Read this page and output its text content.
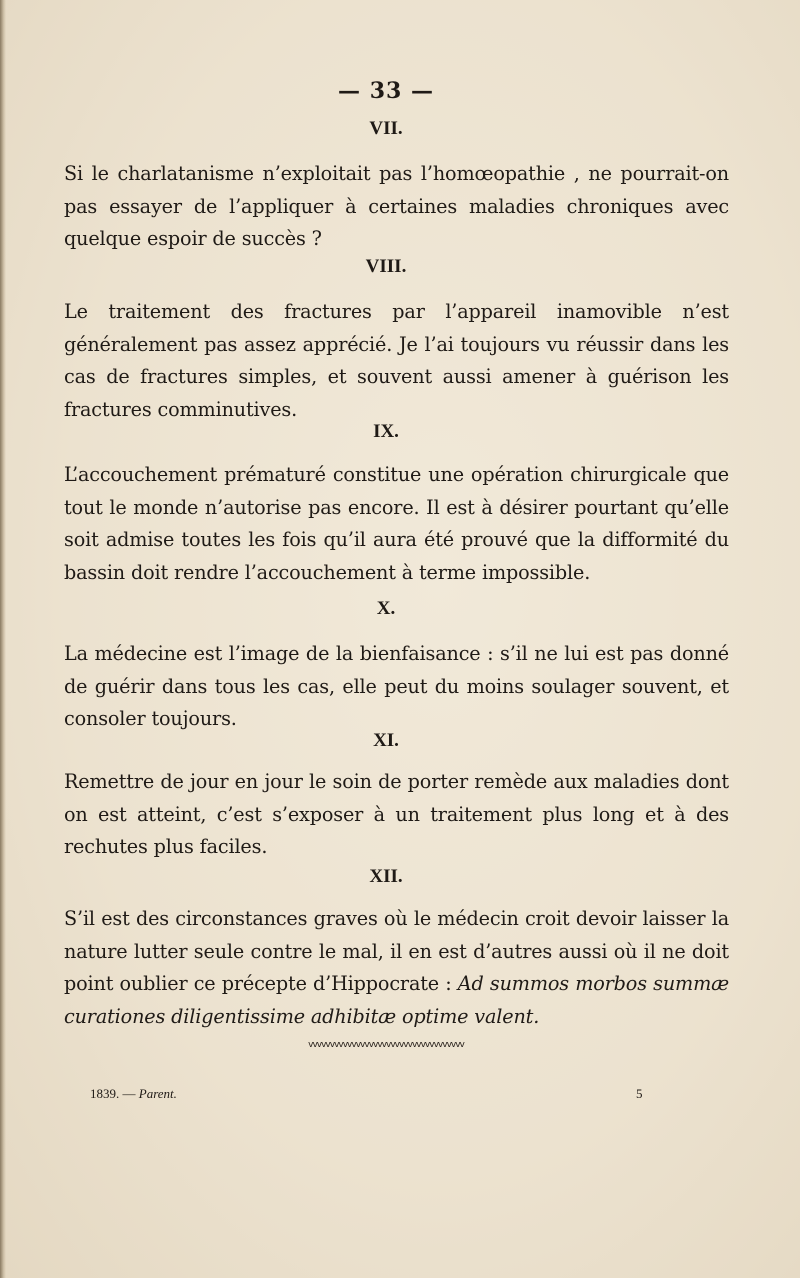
— 33 —
VII.

Si le charlatanisme n’exploitait pas l’homœopathie , ne pourrait-on pas essayer de l’appliquer à certaines maladies chroniques avec quelque espoir de succès ?

VIII.

Le traitement des fractures par l’appareil inamovible n’est généralement pas assez apprécié. Je l’ai toujours vu réussir dans les cas de fractures simples, et souvent aussi amener à guérison les fractures comminutives.

IX.

L’accouchement prématuré constitue une opération chirurgicale que tout le monde n’autorise pas encore. Il est à désirer pourtant qu’elle soit admise toutes les fois qu’il aura été prouvé que la difformité du bassin doit rendre l’accouchement à terme impossible.

X.

La médecine est l’image de la bienfaisance : s’il ne lui est pas donné de guérir dans tous les cas, elle peut du moins soulager souvent, et consoler toujours.

XI.

Remettre de jour en jour le soin de porter remède aux maladies dont on est atteint, c’est s’exposer à un traitement plus long et à des rechutes plus faciles.

XII.

S’il est des circonstances graves où le médecin croit devoir laisser la nature lutter seule contre le mal, il en est d’autres aussi où il ne doit point oublier ce précepte d’Hippocrate : Ad summos morbos summæ curationes diligentissime adhibitæ optime valent.

vvvvvvvvvvvvvvvvvvvvvvvvvvvvvvvvvvvv
1839. — Parent.	5
